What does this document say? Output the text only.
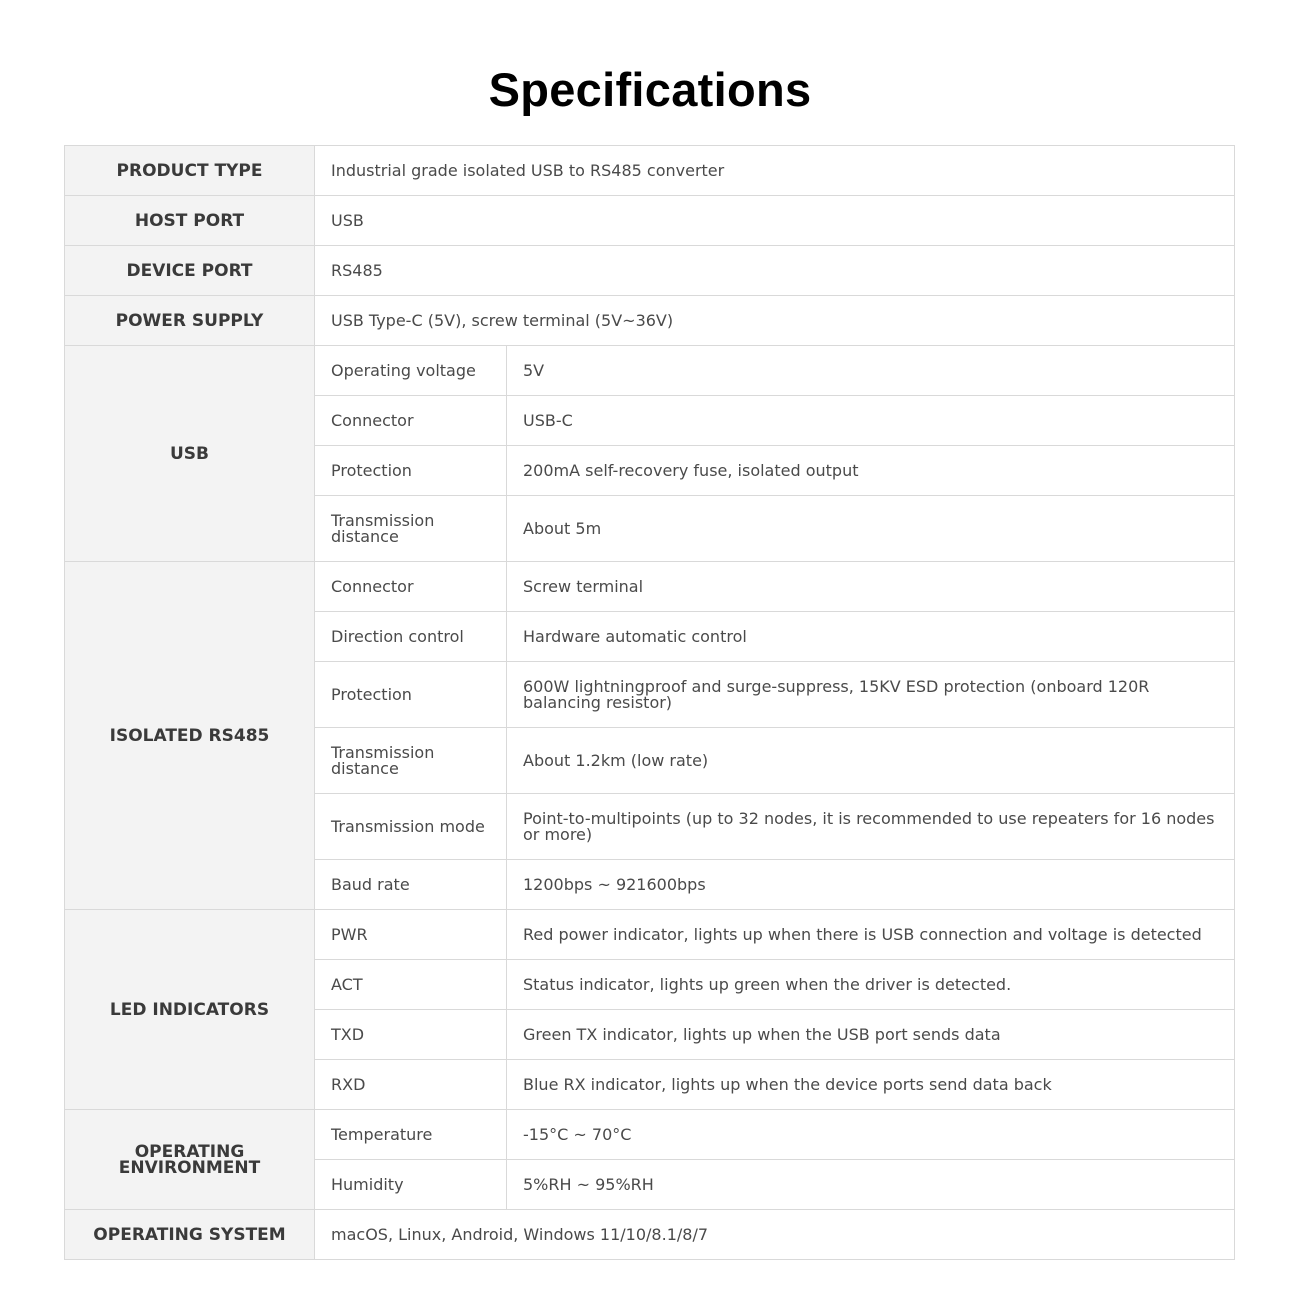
Specifications
PRODUCT TYPE	Industrial grade isolated USB to RS485 converter	
HOST PORT	USB	
DEVICE PORT	RS485	
POWER SUPPLY	USB Type-C (5V), screw terminal (5V~36V)	
USB	Operating voltage	5V
	Connector	USB-C
	Protection	200mA self-recovery fuse, isolated output
	Transmission distance	About 5m
ISOLATED RS485	Connector	Screw terminal
	Direction control	Hardware automatic control
	Protection	600W lightningproof and surge-suppress, 15KV ESD protection (onboard 120R balancing resistor)
	Transmission distance	About 1.2km (low rate)
	Transmission mode	Point-to-multipoints (up to 32 nodes, it is recommended to use repeaters for 16 nodes or more)
	Baud rate	1200bps ~ 921600bps
LED INDICATORS	PWR	Red power indicator, lights up when there is USB connection and voltage is detected
	ACT	Status indicator, lights up green when the driver is detected.
	TXD	Green TX indicator, lights up when the USB port sends data
	RXD	Blue RX indicator, lights up when the device ports send data back
OPERATING ENVIRONMENT	Temperature	-15°C ~ 70°C
	Humidity	5%RH ~ 95%RH
OPERATING SYSTEM	macOS, Linux, Android, Windows 11/10/8.1/8/7	
